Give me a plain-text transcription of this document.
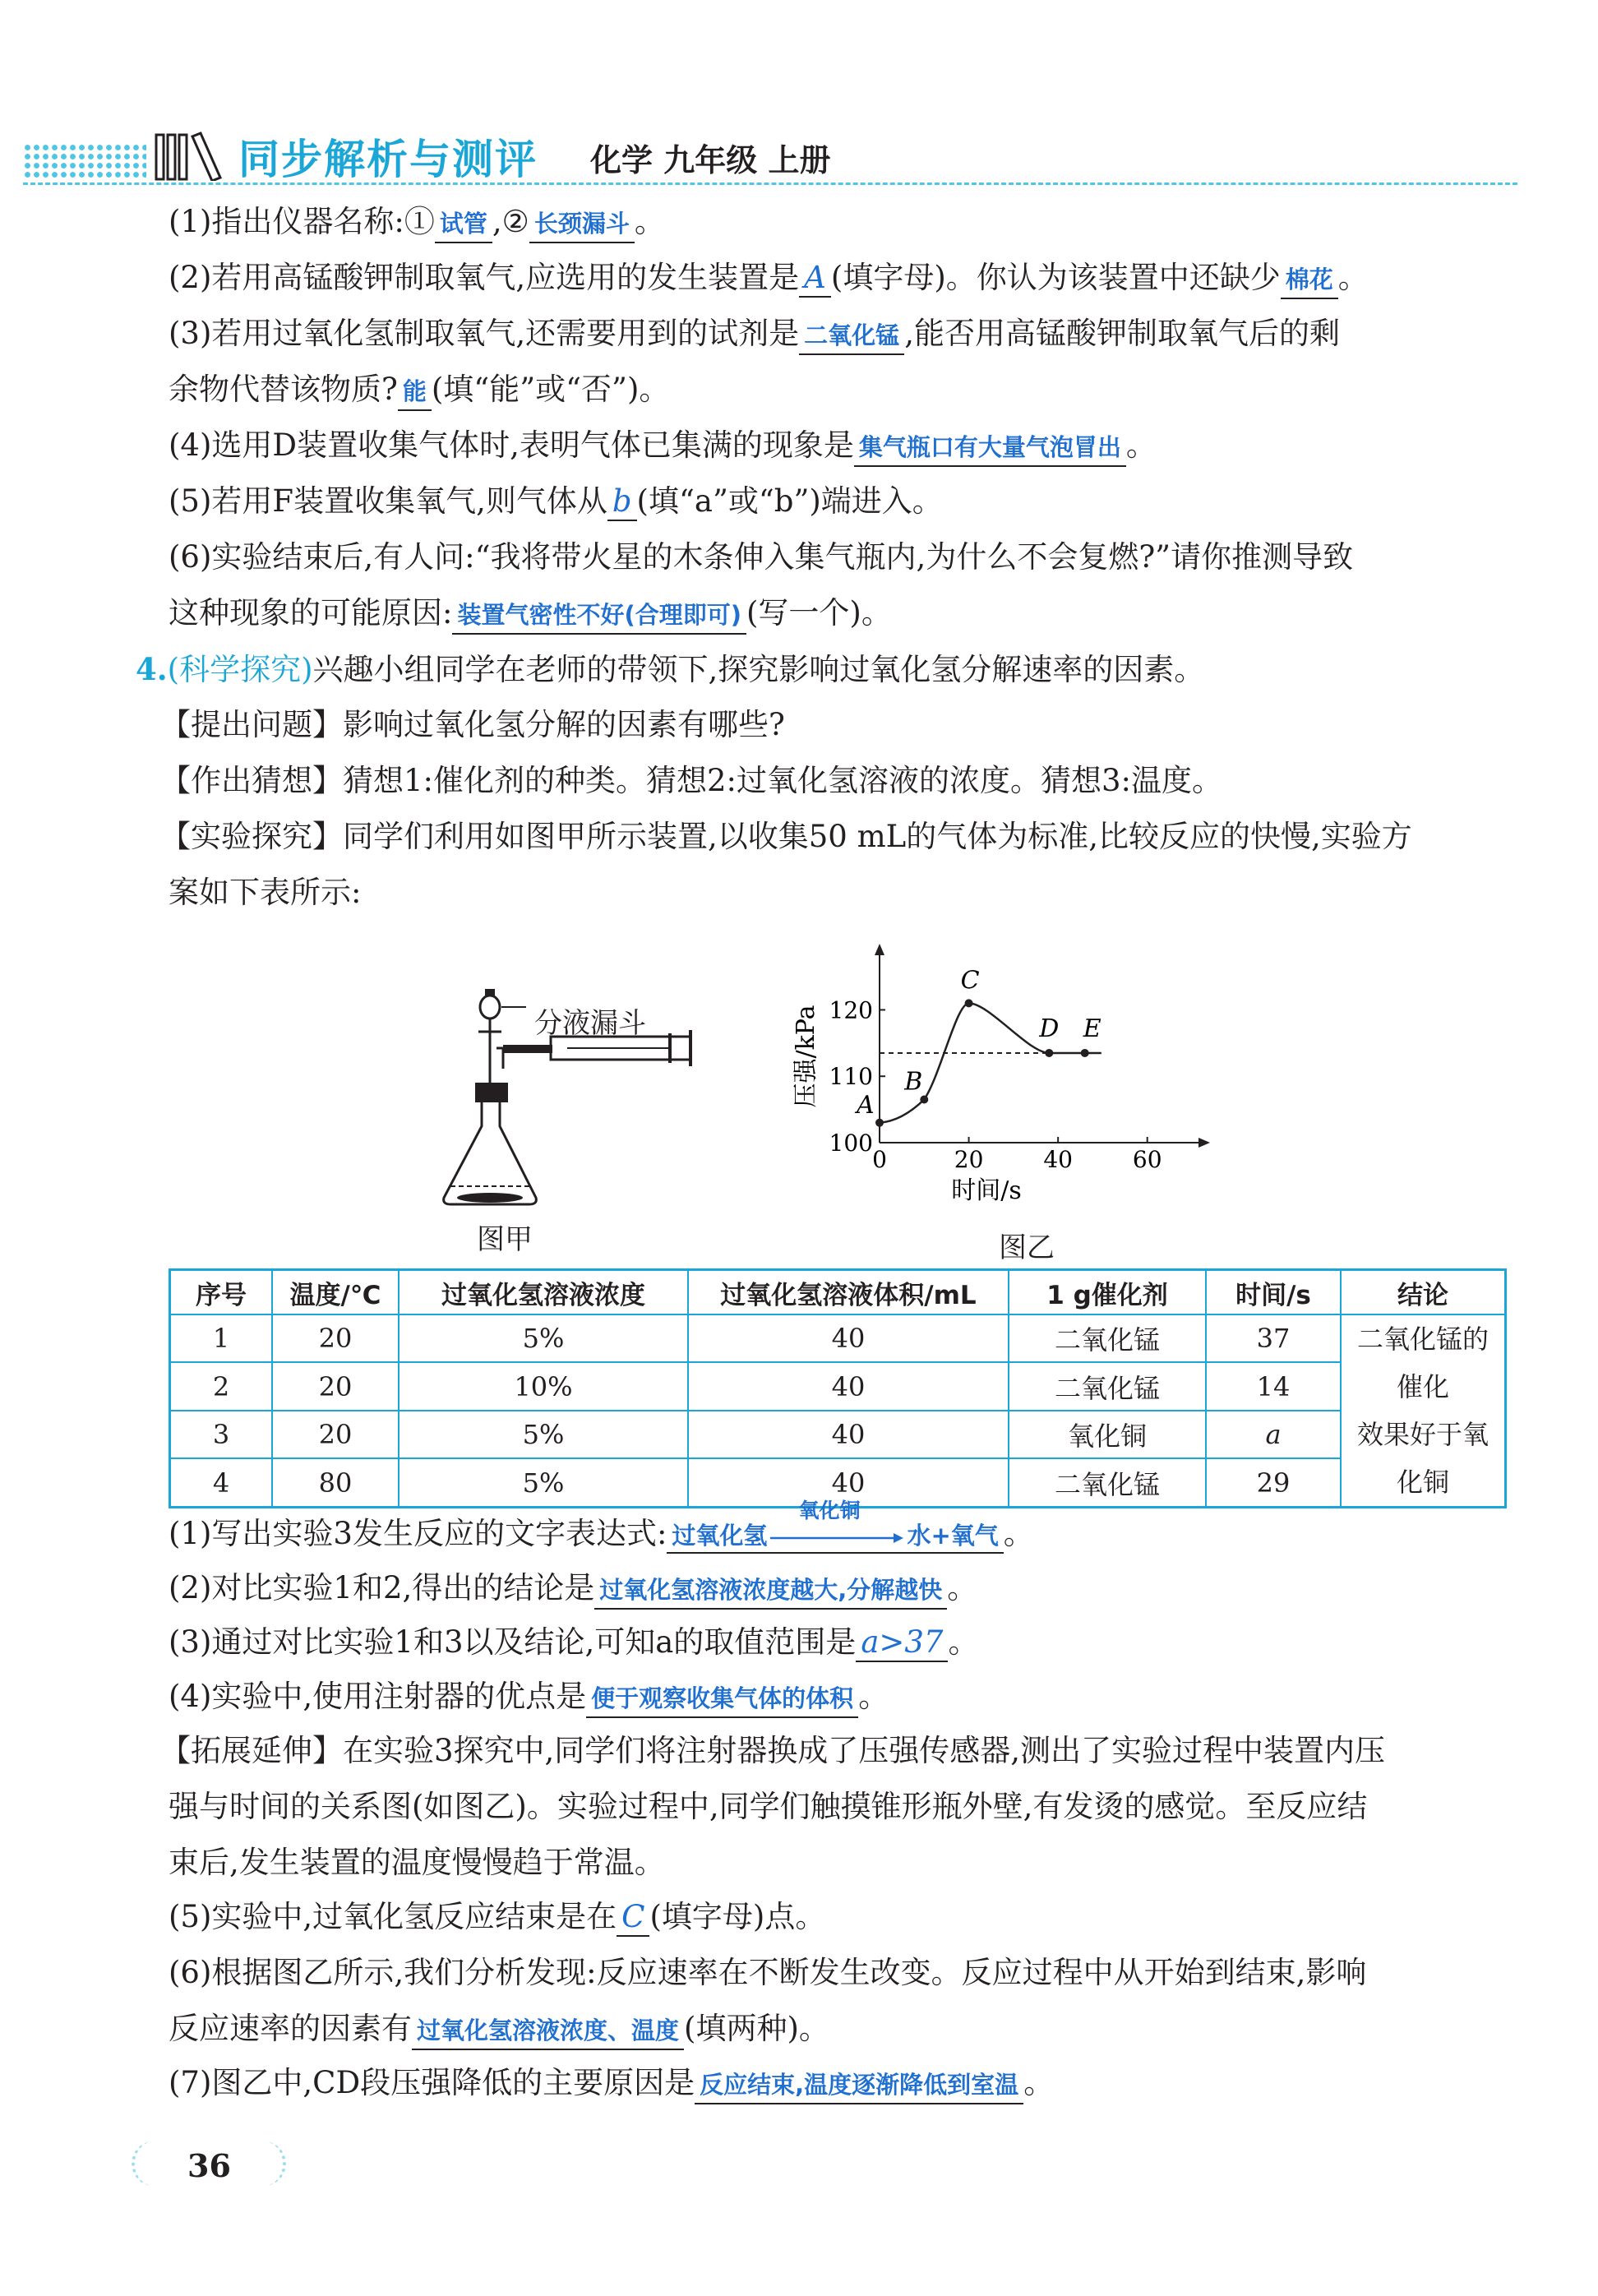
同步解析与测评 化学 九年级 上册
(1)指出仪器名称:① 试管 ,② 长颈漏斗 。
(2)若用高锰酸钾制取氧气,应选用的发生装置是 A (填字母)。你认为该装置中还缺少 棉花 。
(3)若用过氧化氢制取氧气,还需要用到的试剂是 二氧化锰 ,能否用高锰酸钾制取氧气后的剩
余物代替该物质? 能 (填“能”或“否”)。
(4)选用D装置收集气体时,表明气体已集满的现象是 集气瓶口有大量气泡冒出 。
(5)若用F装置收集氧气,则气体从 b (填“a”或“b”)端进入。
(6)实验结束后,有人问:“我将带火星的木条伸入集气瓶内,为什么不会复燃?”请你推测导致
这种现象的可能原因: 装置气密性不好(合理即可) (写一个)。
4.(科学探究)兴趣小组同学在老师的带领下,探究影响过氧化氢分解速率的因素。
【提出问题】影响过氧化氢分解的因素有哪些?
【作出猜想】猜想1:催化剂的种类。猜想2:过氧化氢溶液的浓度。猜想3:温度。
【实验探究】同学们利用如图甲所示装置,以收集50 mL的气体为标准,比较反应的快慢,实验方
案如下表所示:
分液漏斗
图甲
0	20	40	60
100
110
120
时间/s
压强/kPa A
B
C
D E
图乙
序号	温度/℃	过氧化氢溶液浓度	过氧化氢溶液体积/mL	1 g催化剂	时间/s	结论
1	20	5%	40	二氧化锰	37	二氧化锰的催化
效果好于氧化铜

2	20	10%	40	二氧化锰	14	
3	20	5%	40	氧化铜	a	
4	80	5%	40	二氧化锰	29	
(1)写出实验3发生反应的文字表达式: 过氧化氢
氧化铜
水+氧气 。
(2)对比实验1和2,得出的结论是 过氧化氢溶液浓度越大,分解越快 。
(3)通过对比实验1和3以及结论,可知a的取值范围是 a>37 。
(4)实验中,使用注射器的优点是 便于观察收集气体的体积 。
【拓展延伸】在实验3探究中,同学们将注射器换成了压强传感器,测出了实验过程中装置内压
强与时间的关系图(如图乙)。实验过程中,同学们触摸锥形瓶外壁,有发烫的感觉。至反应结
束后,发生装置的温度慢慢趋于常温。
(5)实验中,过氧化氢反应结束是在 C (填字母)点。
(6)根据图乙所示,我们分析发现:反应速率在不断发生改变。反应过程中从开始到结束,影响
反应速率的因素有 过氧化氢溶液浓度、温度 (填两种)。
(7)图乙中,CD段压强降低的主要原因是 反应结束,温度逐渐降低到室温 。
36
